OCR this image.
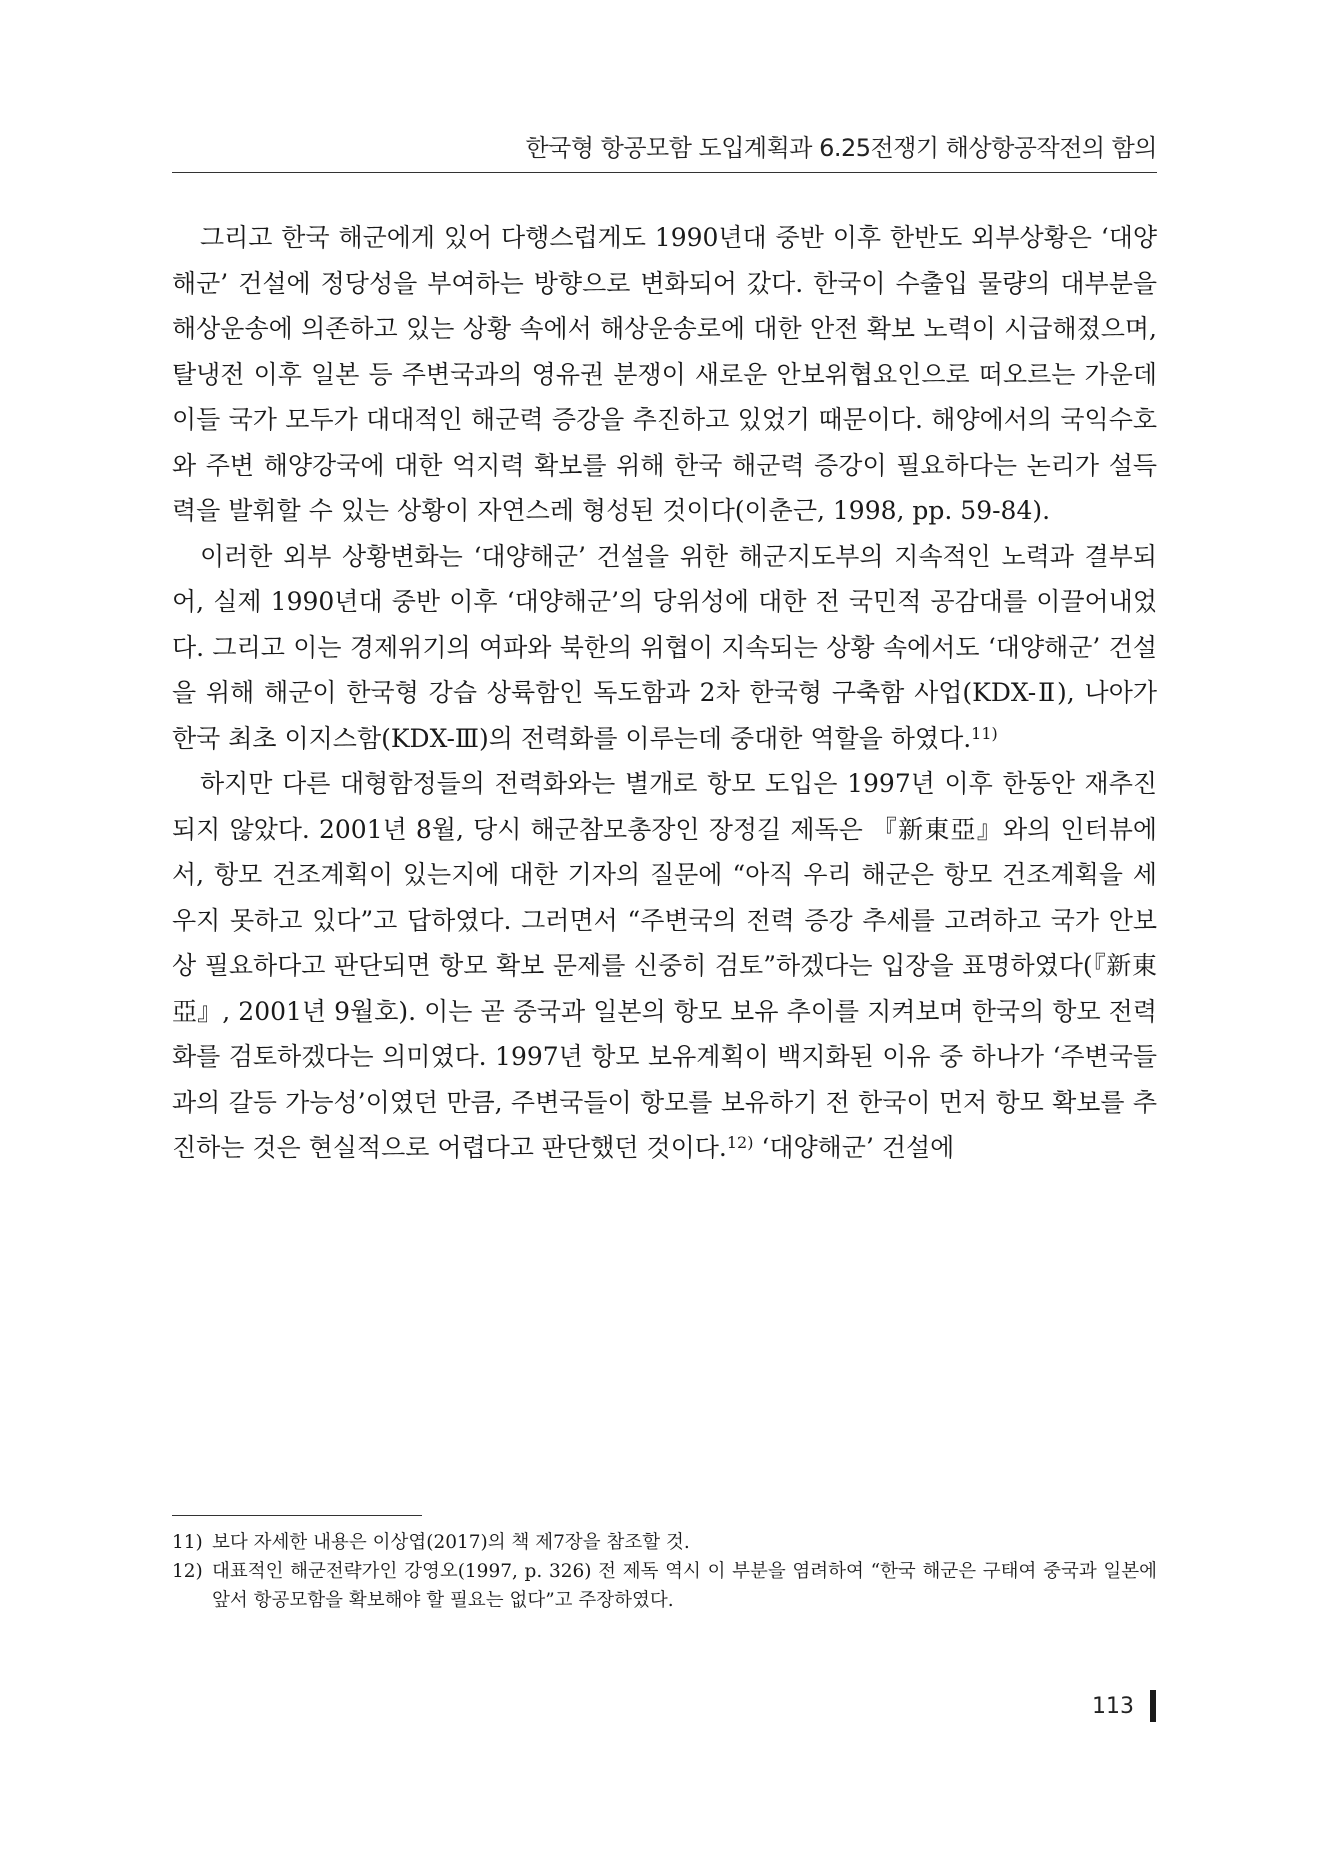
한국형 항공모함 도입계획과 6.25전쟁기 해상항공작전의 함의

그리고 한국 해군에게 있어 다행스럽게도 1990년대 중반 이후 한반도 외부상황은 ‘대양해군’ 건설에 정당성을 부여하는 방향으로 변화되어 갔다. 한국이 수출입 물량의 대부분을 해상운송에 의존하고 있는 상황 속에서 해상운송로에 대한 안전 확보 노력이 시급해졌으며, 탈냉전 이후 일본 등 주변국과의 영유권 분쟁이 새로운 안보위협요인으로 떠오르는 가운데 이들 국가 모두가 대대적인 해군력 증강을 추진하고 있었기 때문이다. 해양에서의 국익수호와 주변 해양강국에 대한 억지력 확보를 위해 한국 해군력 증강이 필요하다는 논리가 설득력을 발휘할 수 있는 상황이 자연스레 형성된 것이다(이춘근, 1998, pp. 59-84).

이러한 외부 상황변화는 ‘대양해군’ 건설을 위한 해군지도부의 지속적인 노력과 결부되어, 실제 1990년대 중반 이후 ‘대양해군’의 당위성에 대한 전 국민적 공감대를 이끌어내었다. 그리고 이는 경제위기의 여파와 북한의 위협이 지속되는 상황 속에서도 ‘대양해군’ 건설을 위해 해군이 한국형 강습 상륙함인 독도함과 2차 한국형 구축함 사업(KDX-Ⅱ), 나아가 한국 최초 이지스함(KDX-Ⅲ)의 전력화를 이루는데 중대한 역할을 하였다.$^{11)}$

하지만 다른 대형함정들의 전력화와는 별개로 항모 도입은 1997년 이후 한동안 재추진되지 않았다. 2001년 8월, 당시 해군참모총장인 장정길 제독은 『新東亞』와의 인터뷰에서, 항모 건조계획이 있는지에 대한 기자의 질문에 “아직 우리 해군은 항모 건조계획을 세우지 못하고 있다”고 답하였다. 그러면서 “주변국의 전력 증강 추세를 고려하고 국가 안보상 필요하다고 판단되면 항모 확보 문제를 신중히 검토”하겠다는 입장을 표명하였다(『新東亞』, 2001년 9월호). 이는 곧 중국과 일본의 항모 보유 추이를 지켜보며 한국의 항모 전력화를 검토하겠다는 의미였다. 1997년 항모 보유계획이 백지화된 이유 중 하나가 ‘주변국들과의 갈등 가능성’이였던 만큼, 주변국들이 항모를 보유하기 전 한국이 먼저 항모 확보를 추진하는 것은 현실적으로 어렵다고 판단했던 것이다.$^{12)}$ ‘대양해군’ 건설에

11) 보다 자세한 내용은 이상엽(2017)의 책 제7장을 참조할 것.
12) 대표적인 해군전략가인 강영오(1997, p. 326) 전 제독 역시 이 부분을 염려하여 “한국 해군은 구태여 중국과 일본에 앞서 항공모함을 확보해야 할 필요는 없다”고 주장하였다.
113
